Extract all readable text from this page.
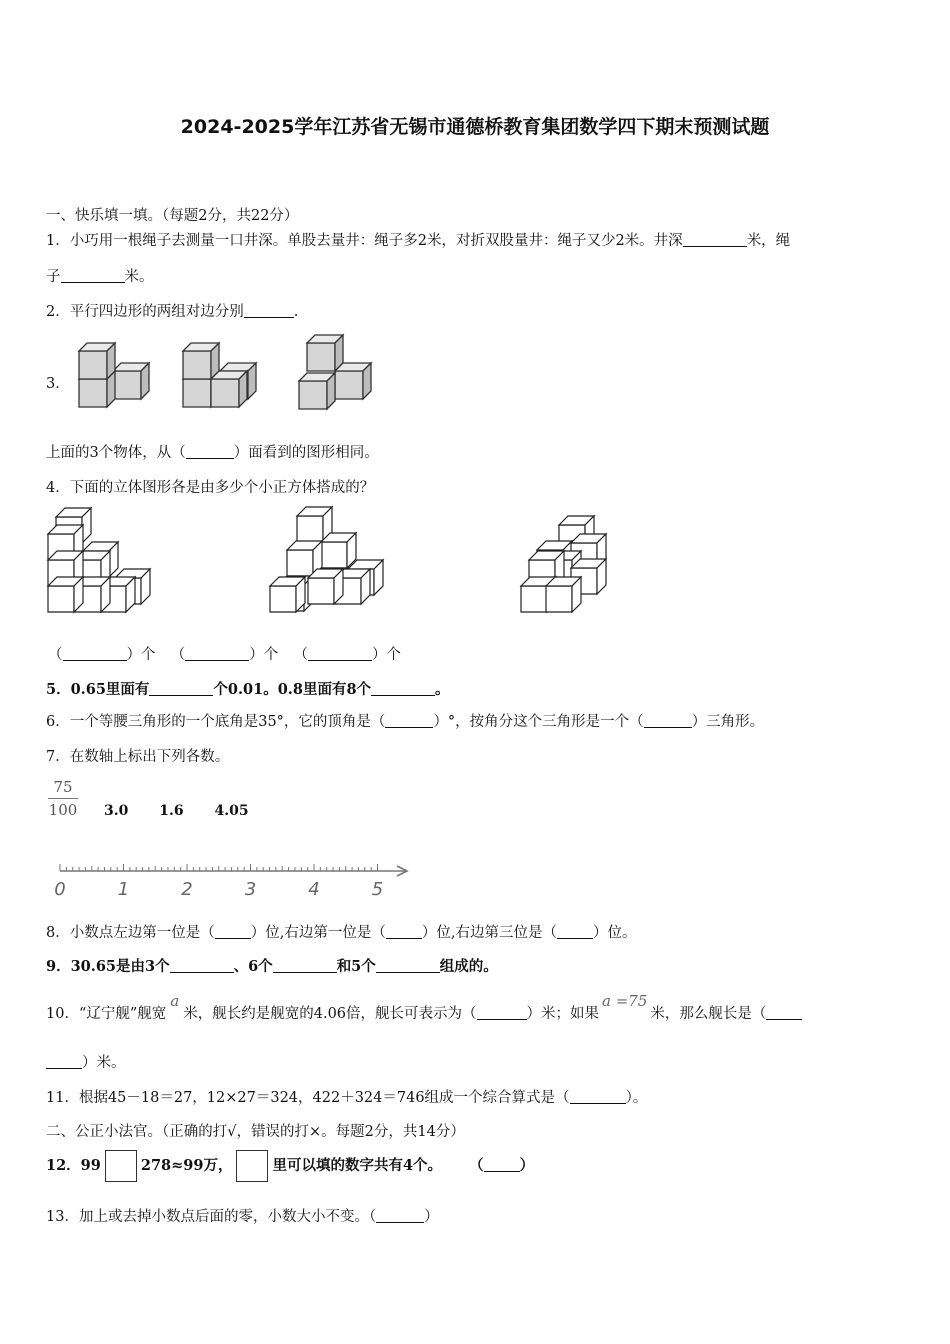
2024-2025学年江苏省无锡市通德桥教育集团数学四下期末预测试题
一、快乐填一填。（每题2分，共22分）
1．小巧用一根绳子去测量一口井深。单股去量井：绳子多2米，对折双股量井：绳子又少2米。井深	米，绳
子	米。
2．平行四边形的两组对边分别	.
3．
上面的3个物体，从（	）面看到的图形相同。
4．下面的立体图形各是由多少个小正方体搭成的？
（	）个 （	）个 （	）个
5．0.65里面有	个0.01。0.8里面有8个	。
6．一个等腰三角形的一个底角是35°，它的顶角是（	）°，按角分这个三角形是一个（	）三角形。
7．在数轴上标出下列各数。
75
100 3.0 1.6 4.05
0	1	2	3	4	5
8．小数点左边第一位是（ ）位,右边第一位是（ ）位,右边第三位是（ ）位。
9．30.65是由3个	、6个	和5个	组成的。
10．“辽宁舰”舰宽a米，舰长约是舰宽的4.06倍，舰长可表示为（	）米；如果a =75米，那么舰长是（
）米。
11．根据45－18＝27，12×27＝324，422＋324＝746组成一个综合算式是（	）。
二、公正小法官。（正确的打√，错误的打×。每题2分，共14分）
12．99	278≈99万，	里可以填的数字共有4个。 （ ）
13．加上或去掉小数点后面的零，小数大小不变。（	）
